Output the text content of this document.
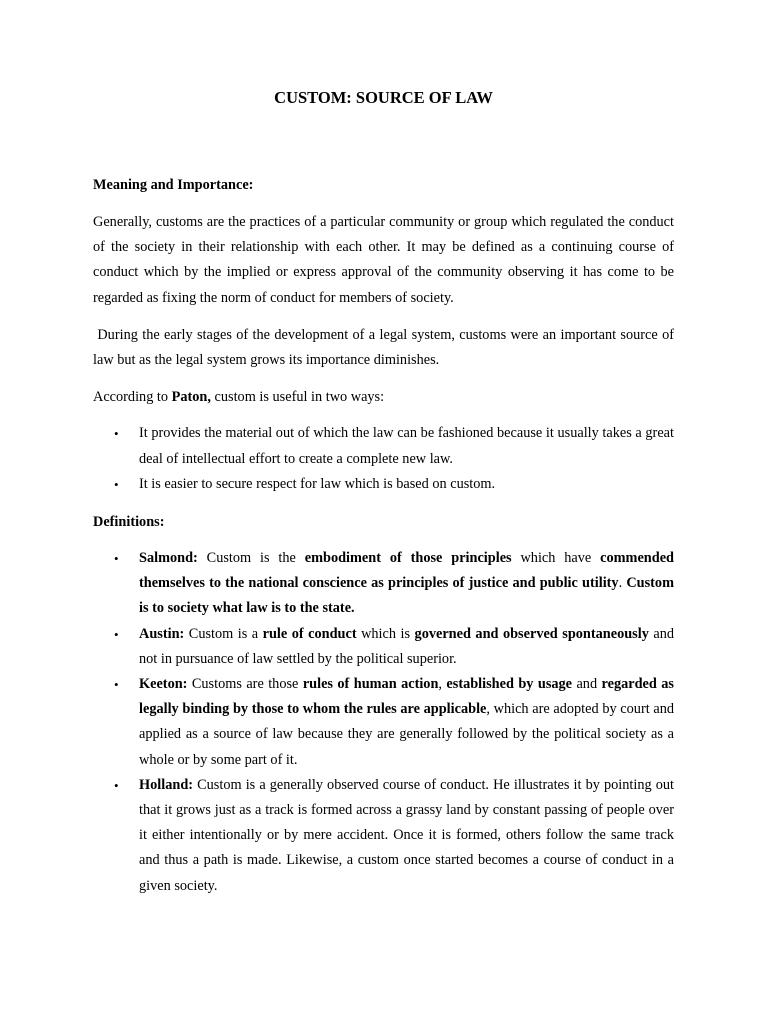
CUSTOM: SOURCE OF LAW

Meaning and Importance:

Generally, customs are the practices of a particular community or group which regulated the conduct of the society in their relationship with each other. It may be defined as a continuing course of conduct which by the implied or express approval of the community observing it has come to be regarded as fixing the norm of conduct for members of society.

During the early stages of the development of a legal system, customs were an important source of law but as the legal system grows its importance diminishes.

According to Paton, custom is useful in two ways:

• It provides the material out of which the law can be fashioned because it usually takes a great deal of intellectual effort to create a complete new law.
• It is easier to secure respect for law which is based on custom.

Definitions:

• Salmond: Custom is the embodiment of those principles which have commended themselves to the national conscience as principles of justice and public utility. Custom is to society what law is to the state.
• Austin: Custom is a rule of conduct which is governed and observed spontaneously and not in pursuance of law settled by the political superior.
• Keeton: Customs are those rules of human action, established by usage and regarded as legally binding by those to whom the rules are applicable, which are adopted by court and applied as a source of law because they are generally followed by the political society as a whole or by some part of it.
• Holland: Custom is a generally observed course of conduct. He illustrates it by pointing out that it grows just as a track is formed across a grassy land by constant passing of people over it either intentionally or by mere accident. Once it is formed, others follow the same track and thus a path is made. Likewise, a custom once started becomes a course of conduct in a given society.
